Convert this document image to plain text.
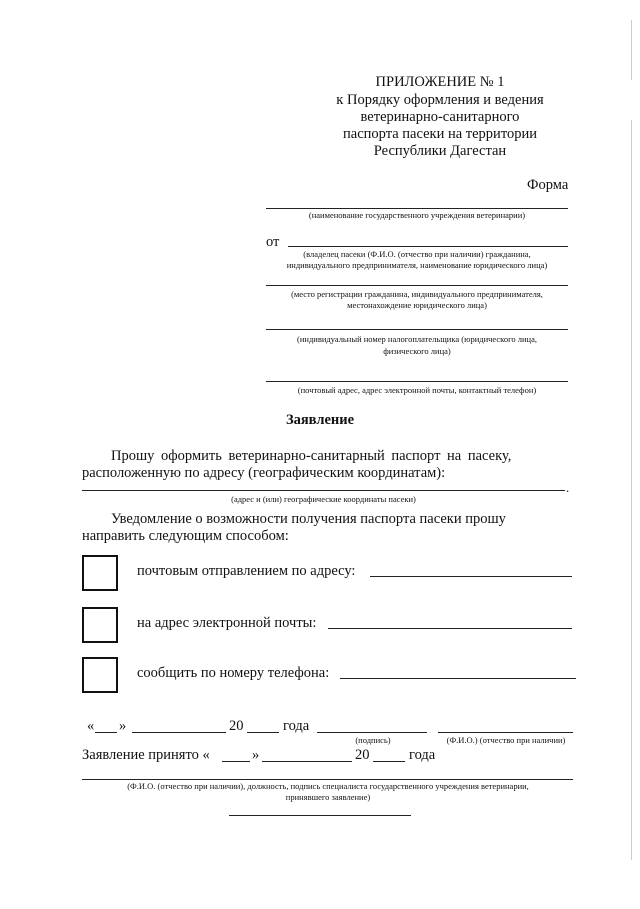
ПРИЛОЖЕНИЕ № 1
к Порядку оформления и ведения
ветеринарно-санитарного
паспорта пасеки на территории
Республики Дагестан
Форма
(наименование государственного учреждения ветеринарии)
от
(владелец пасеки (Ф.И.О. (отчество при наличии) гражданина,
индивидуального предпринимателя, наименование юридического лица)
(место регистрации гражданина, индивидуального предпринимателя,
местонахождение юридического лица)
(индивидуальный номер налогоплательщика (юридического лица,
физического лица)
(почтовый адрес, адрес электронной почты, контактный телефон)
Заявление
Прошу оформить ветеринарно-санитарный паспорт на пасеку,
расположенную по адресу (географическим координатам):
.
(адрес и (или) географические координаты пасеки)
Уведомление о возможности получения паспорта пасеки прошу
направить следующим способом:
почтовым отправлением по адресу:
на адрес электронной почты:
сообщить по номеру телефона:
« »	20	года
(подпись)	(Ф.И.О.) (отчество при наличии)
Заявление принято «	»	20	года
(Ф.И.О. (отчество при наличии), должность, подпись специалиста государственного учреждения ветеринарии,
принявшего заявление)
